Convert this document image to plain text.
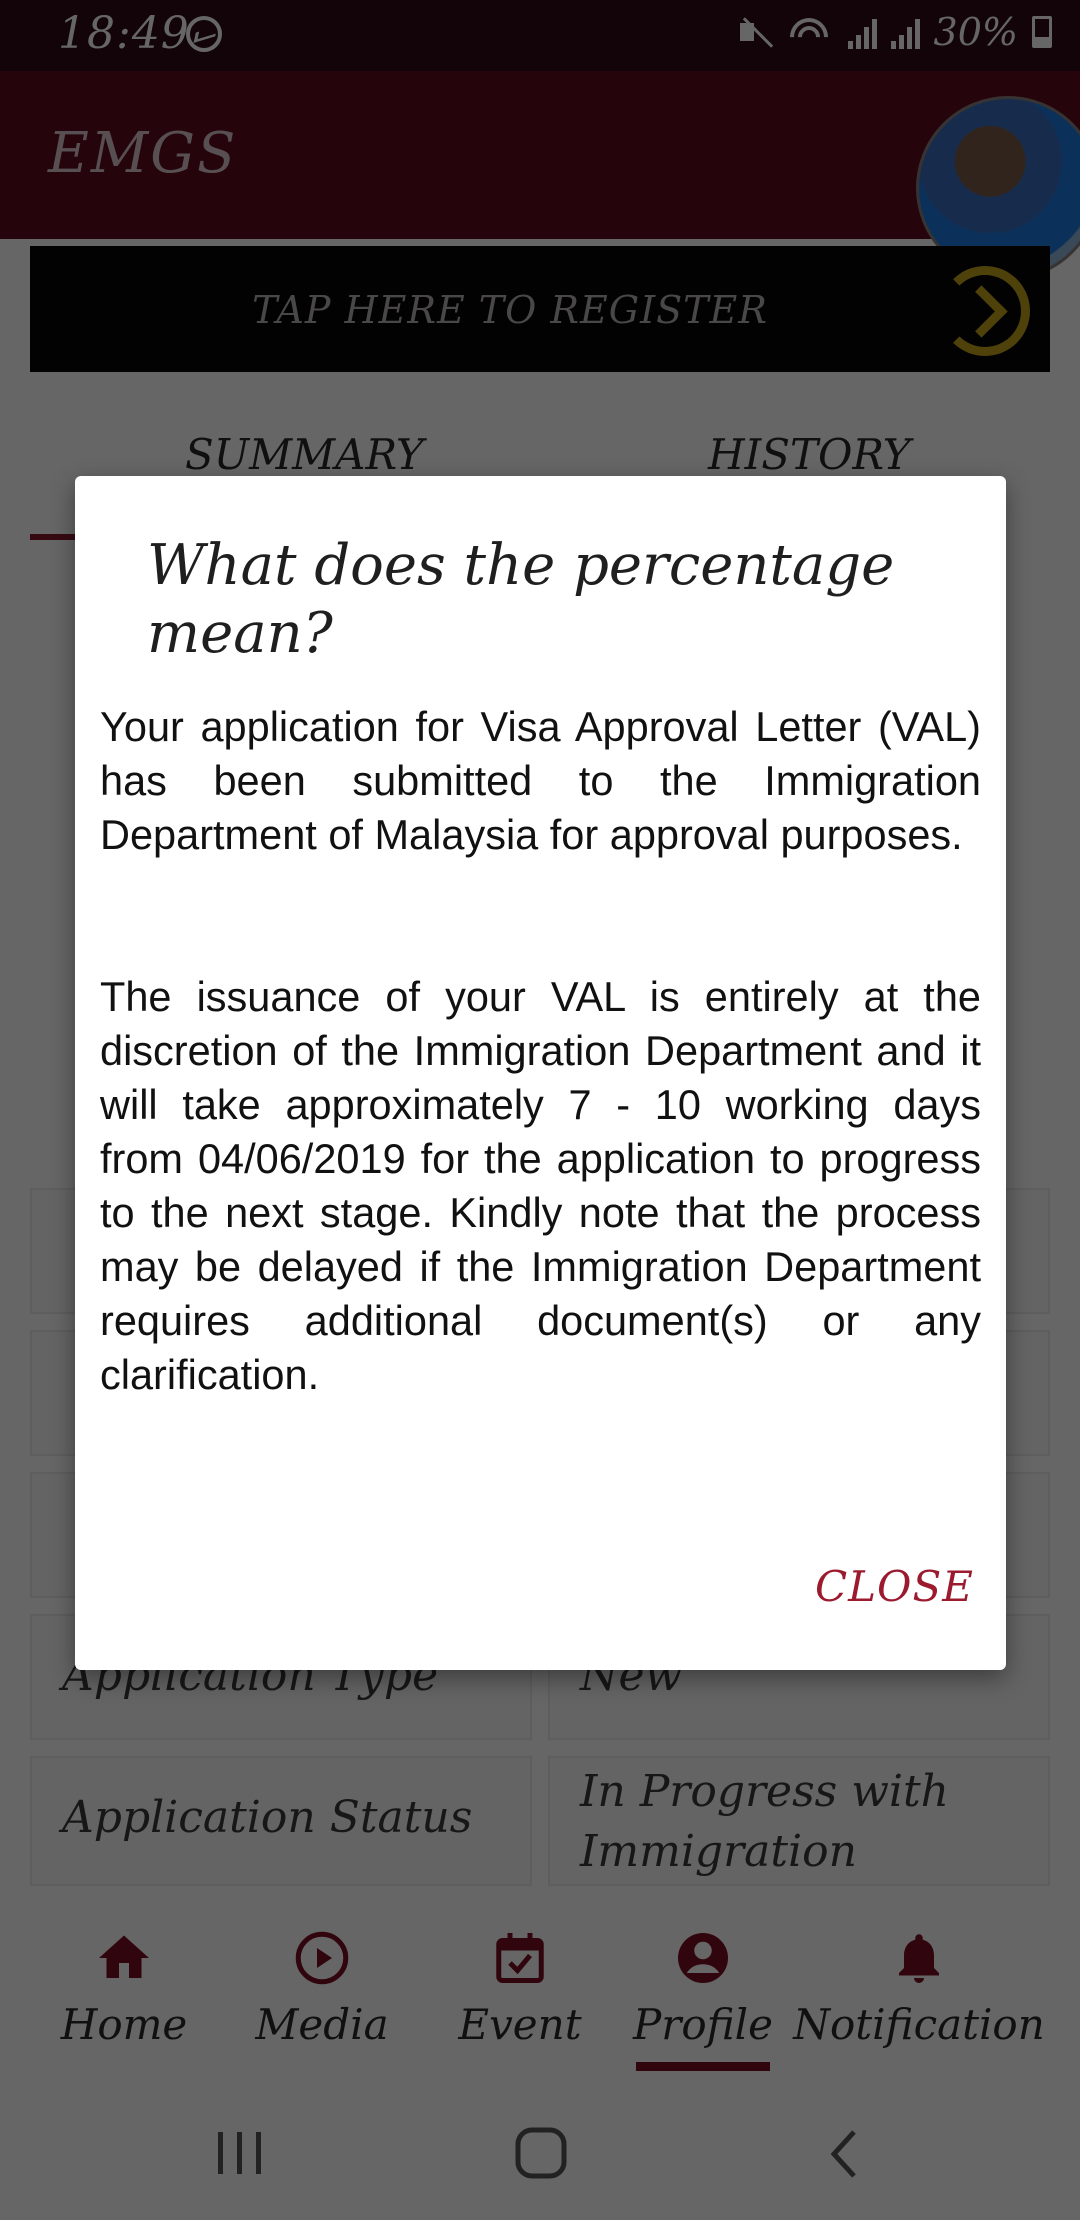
What does the percentage mean?
Your application for Visa Approval Letter (VAL) has been submitted to the Immigration Department of Malaysia for approval purposes.
The issuance of your VAL is entirely at the discretion of the Immigration Department and it will take approximately 7 - 10 working days from 04/06/2019 for the application to progress to the next stage. Kindly note that the process may be delayed if the Immigration Department requires additional document(s) or any clarification.
CLOSE
